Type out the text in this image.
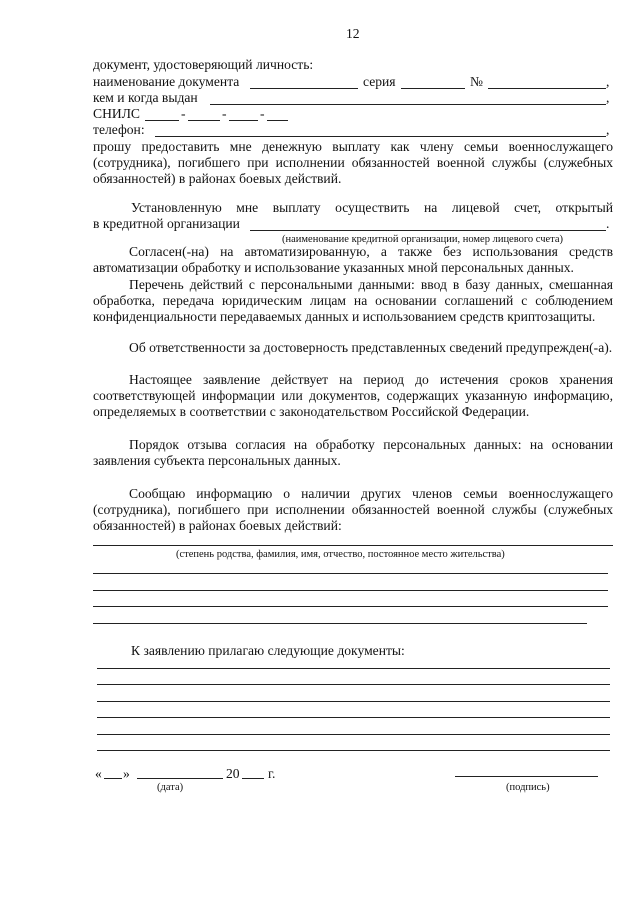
12
документ, удостоверяющий личность:
наименование документа	серия	№	,
кем и когда выдан	,
СНИЛС	-	- -
телефон:	,
прошу предоставить мне денежную выплату как члену семьи военнослужащего (сотрудника), погибшего при исполнении обязанностей военной службы (служебных обязанностей) в районах боевых действий.
Установленную мне выплату осуществить на лицевой счет, открытый
в кредитной организации	.
(наименование кредитной организации, номер лицевого счета)
Согласен(-на) на автоматизированную, а также без использования средств автоматизации обработку и использование указанных мной персональных данных.
Перечень действий с персональными данными: ввод в базу данных, смешанная обработка, передача юридическим лицам на основании соглашений с соблюдением конфиденциальности передаваемых данных и использованием средств криптозащиты.
Об ответственности за достоверность представленных сведений предупрежден(-а).
Настоящее заявление действует на период до истечения сроков хранения соответствующей информации или документов, содержащих указанную информацию, определяемых в соответствии с законодательством Российской Федерации.
Порядок отзыва согласия на обработку персональных данных: на основании заявления субъекта персональных данных.
Сообщаю информацию о наличии других членов семьи военнослужащего (сотрудника), погибшего при исполнении обязанностей военной службы (служебных обязанностей) в районах боевых действий:
(степень родства, фамилия, имя, отчество, постоянное место жительства)
К заявлению прилагаю следующие документы:
« »	20 г.
(дата)	(подпись)
